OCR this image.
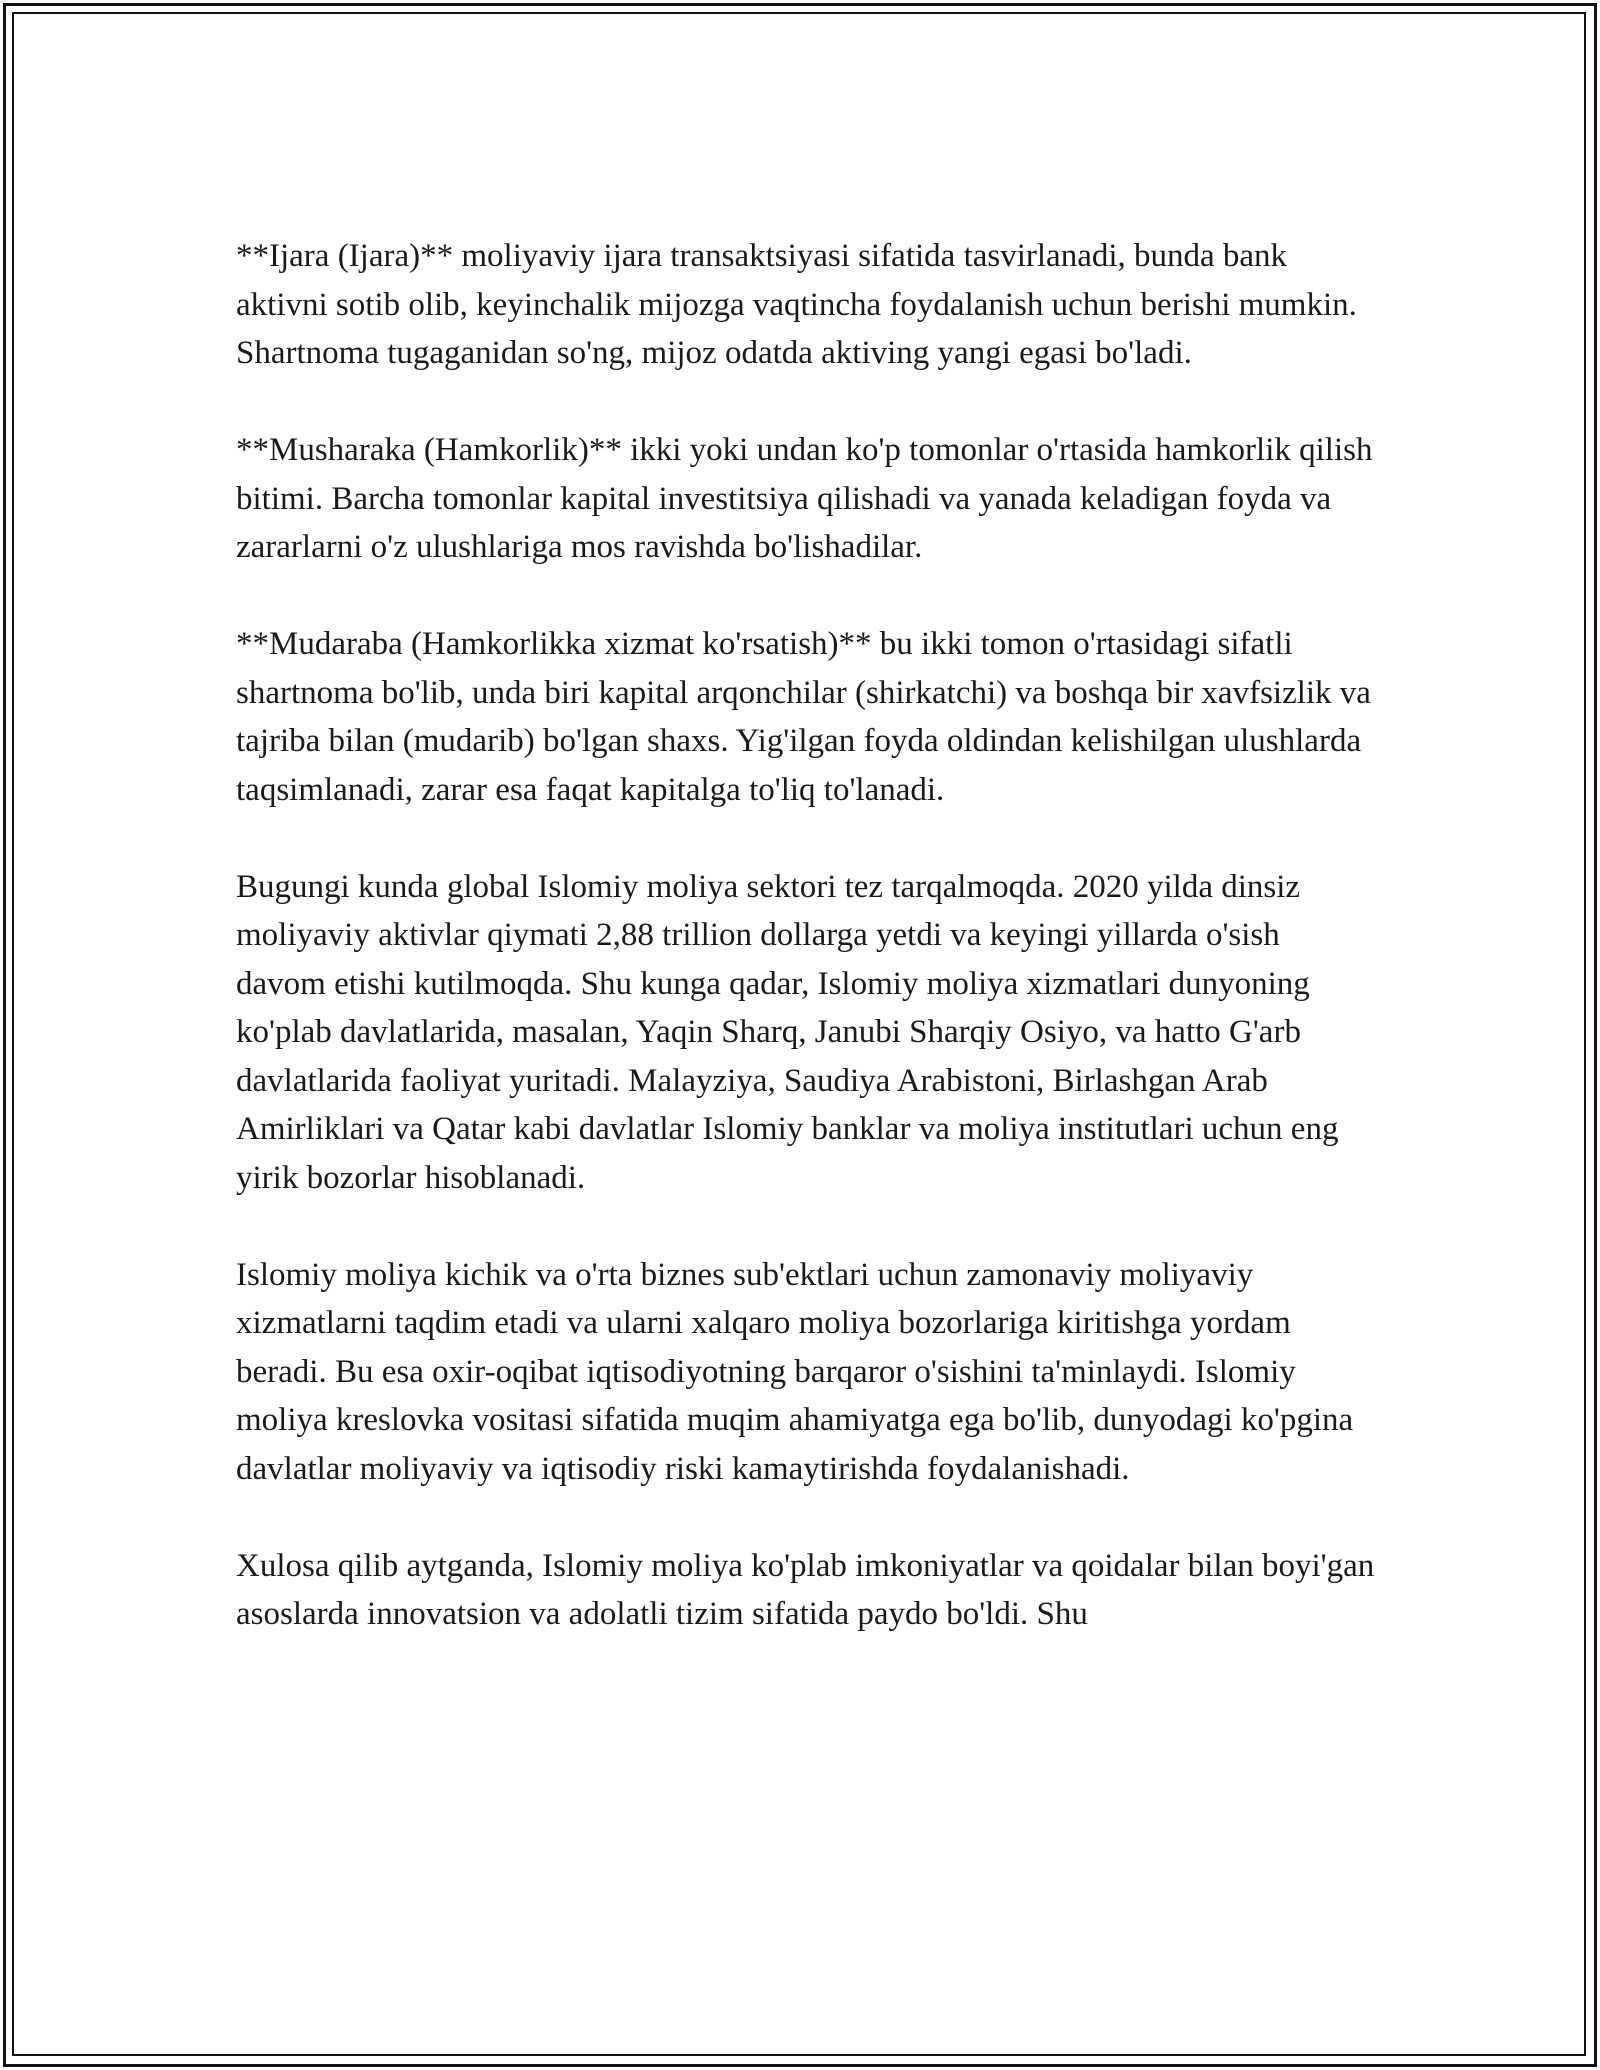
**Ijara (Ijara)** moliyaviy ijara transaktsiyasi sifatida tasvirlanadi, bunda bank aktivni sotib olib, keyinchalik mijozga vaqtincha foydalanish uchun berishi mumkin. Shartnoma tugaganidan so'ng, mijoz odatda aktiving yangi egasi bo'ladi.

**Musharaka (Hamkorlik)** ikki yoki undan ko'p tomonlar o'rtasida hamkorlik qilish bitimi. Barcha tomonlar kapital investitsiya qilishadi va yanada keladigan foyda va zararlarni o'z ulushlariga mos ravishda bo'lishadilar.

**Mudaraba (Hamkorlikka xizmat ko'rsatish)** bu ikki tomon o'rtasidagi sifatli shartnoma bo'lib, unda biri kapital arqonchilar (shirkatchi) va boshqa bir xavfsizlik va tajriba bilan (mudarib) bo'lgan shaxs. Yig'ilgan foyda oldindan kelishilgan ulushlarda taqsimlanadi, zarar esa faqat kapitalga to'liq to'lanadi.

Bugungi kunda global Islomiy moliya sektori tez tarqalmoqda. 2020 yilda dinsiz moliyaviy aktivlar qiymati 2,88 trillion dollarga yetdi va keyingi yillarda o'sish davom etishi kutilmoqda. Shu kunga qadar, Islomiy moliya xizmatlari dunyoning ko'plab davlatlarida, masalan, Yaqin Sharq, Janubi Sharqiy Osiyo, va hatto G'arb davlatlarida faoliyat yuritadi. Malayziya, Saudiya Arabistoni, Birlashgan Arab Amirliklari va Qatar kabi davlatlar Islomiy banklar va moliya institutlari uchun eng yirik bozorlar hisoblanadi.

Islomiy moliya kichik va o'rta biznes sub'ektlari uchun zamonaviy moliyaviy xizmatlarni taqdim etadi va ularni xalqaro moliya bozorlariga kiritishga yordam beradi. Bu esa oxir-oqibat iqtisodiyotning barqaror o'sishini ta'minlaydi. Islomiy moliya kreslovka vositasi sifatida muqim ahamiyatga ega bo'lib, dunyodagi ko'pgina davlatlar moliyaviy va iqtisodiy riski kamaytirishda foydalanishadi.

Xulosa qilib aytganda, Islomiy moliya ko'plab imkoniyatlar va qoidalar bilan boyi'gan asoslarda innovatsion va adolatli tizim sifatida paydo bo'ldi. Shu
